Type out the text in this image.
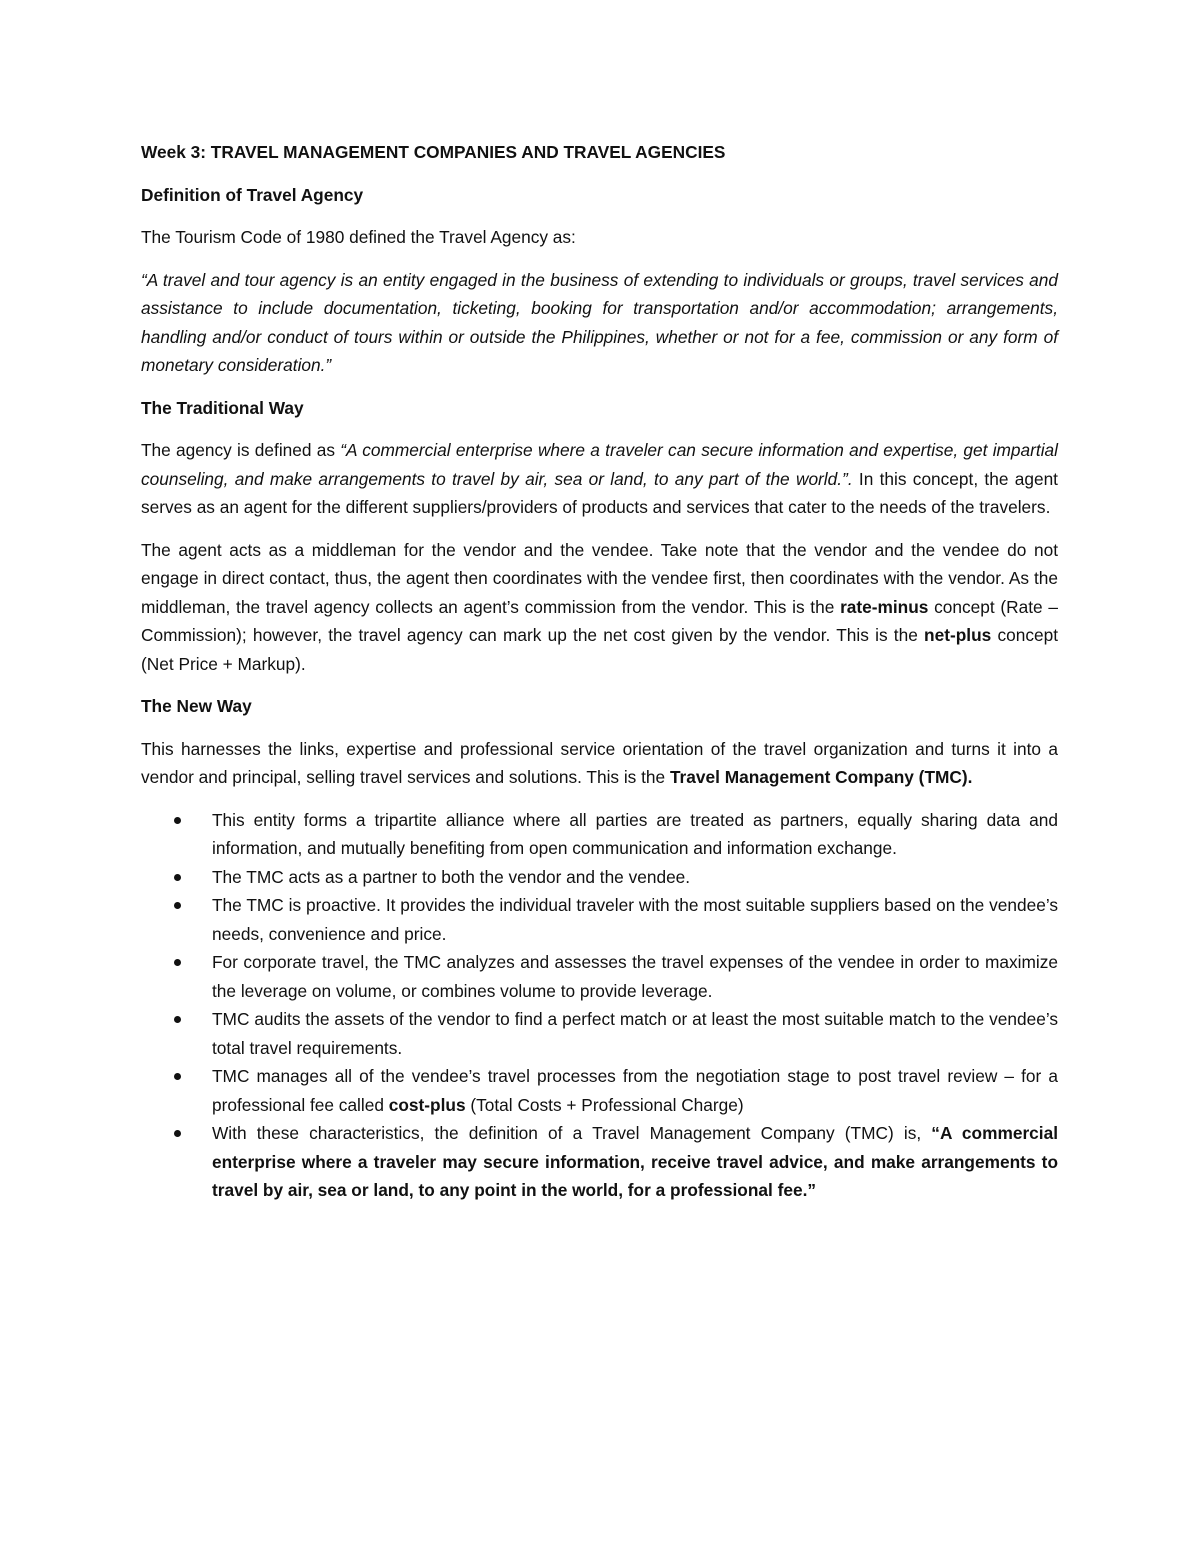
Week 3: TRAVEL MANAGEMENT COMPANIES AND TRAVEL AGENCIES

Definition of Travel Agency

The Tourism Code of 1980 defined the Travel Agency as:

“A travel and tour agency is an entity engaged in the business of extending to individuals or groups, travel services and assistance to include documentation, ticketing, booking for transportation and/or accommodation; arrangements, handling and/or conduct of tours within or outside the Philippines, whether or not for a fee, commission or any form of monetary consideration.”

The Traditional Way

The agency is defined as “A commercial enterprise where a traveler can secure information and expertise, get impartial counseling, and make arrangements to travel by air, sea or land, to any part of the world.”. In this concept, the agent serves as an agent for the different suppliers/providers of products and services that cater to the needs of the travelers.

The agent acts as a middleman for the vendor and the vendee. Take note that the vendor and the vendee do not engage in direct contact, thus, the agent then coordinates with the vendee first, then coordinates with the vendor. As the middleman, the travel agency collects an agent’s commission from the vendor. This is the rate-minus concept (Rate – Commission); however, the travel agency can mark up the net cost given by the vendor. This is the net-plus concept (Net Price + Markup).

The New Way

This harnesses the links, expertise and professional service orientation of the travel organization and turns it into a vendor and principal, selling travel services and solutions. This is the Travel Management Company (TMC).

This entity forms a tripartite alliance where all parties are treated as partners, equally sharing data and information, and mutually benefiting from open communication and information exchange.
The TMC acts as a partner to both the vendor and the vendee.
The TMC is proactive. It provides the individual traveler with the most suitable suppliers based on the vendee’s needs, convenience and price.
For corporate travel, the TMC analyzes and assesses the travel expenses of the vendee in order to maximize the leverage on volume, or combines volume to provide leverage.
TMC audits the assets of the vendor to find a perfect match or at least the most suitable match to the vendee’s total travel requirements.
TMC manages all of the vendee’s travel processes from the negotiation stage to post travel review – for a professional fee called cost-plus (Total Costs + Professional Charge)
With these characteristics, the definition of a Travel Management Company (TMC) is, “A commercial enterprise where a traveler may secure information, receive travel advice, and make arrangements to travel by air, sea or land, to any point in the world, for a professional fee.”
